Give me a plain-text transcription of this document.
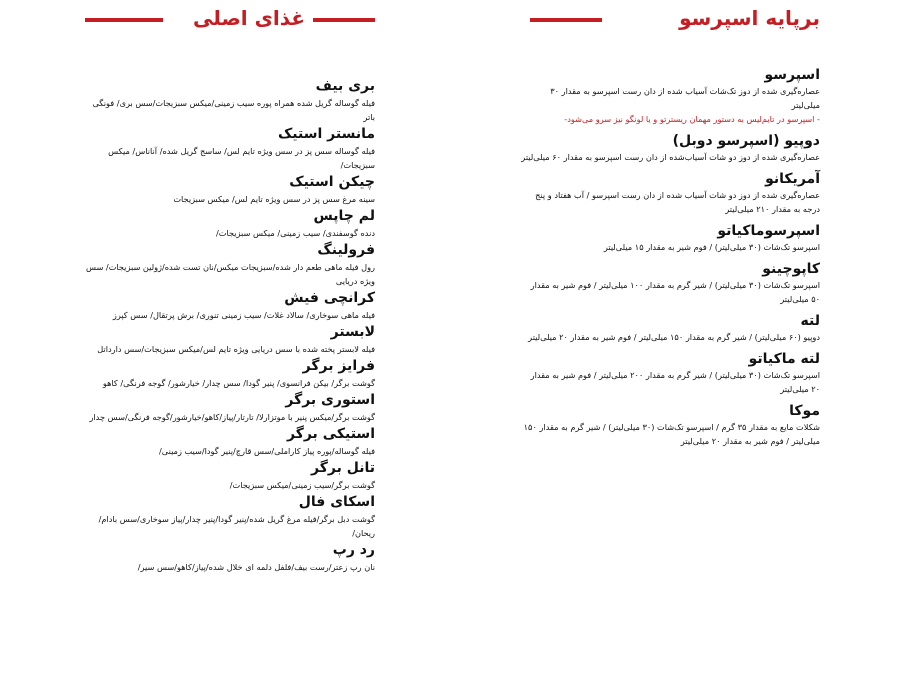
برپایه اسپرسو

اسپرسو

عصاره‌گیری شده از دوز تک‌شات آسیاب شده از دان رست اسپرسو به مقدار ۳۰ میلی‌لیتر

- اسپرسو در تایم‌لیس به دستور مهمان ریسترتو و یا لونگو نیز سرو می‌شود-

دوپیو (اسپرسو دوبل)

عصاره‌گیری شده از دوز دو شات آسیاب‌شده از دان رست اسپرسو به مقدار ۶۰ میلی‌لیتر

آمریکانو

عصاره‌گیری شده از دوز دو شات آسیاب شده از دان رست اسپرسو / آب هفتاد و پنج درجه به مقدار ۲۱۰ میلی‌لیتر

اسپرسوماکیاتو

اسپرسو تک‌شات (۳۰ میلی‌لیتر) / فوم شیر به مقدار ۱۵ میلی‌لیتر

کاپوچینو

اسپرسو تک‌شات (۳۰ میلی‌لیتر) / شیر گرم به مقدار ۱۰۰ میلی‌لیتر / فوم شیر به مقدار ۵۰ میلی‌لیتر

لته

دوپیو (۶۰ میلی‌لیتر) / شیر گرم به مقدار ۱۵۰ میلی‌لیتر / فوم شیر به مقدار ۲۰ میلی‌لیتر

لته ماکیاتو

اسپرسو تک‌شات (۳۰ میلی‌لیتر) / شیر گرم به مقدار ۲۰۰ میلی‌لیتر / فوم شیر به مقدار ۲۰ میلی‌لیتر

موکا

شکلات مایع به مقدار ۳۵ گرم / اسپرسو تک‌شات (۳۰ میلی‌لیتر) / شیر گرم به مقدار ۱۵۰ میلی‌لیتر / فوم شیر به مقدار ۲۰ میلی‌لیتر

غذای اصلی

بری بیف

فیله گوساله گریل شده همراه پوره سیب زمینی/میکس سبزیجات/سس بری/ فونگی باتر

مانستر استیک

فیله گوساله سس پز در سس ویژه تایم لس/ ساسج گریل شده/ آناناس/ میکس سبزیجات/

چیکن استیک

سینه مرغ سس پز در سس ویژه تایم لس/ میکس سبزیجات

لم چاپس

دنده گوسفندی/ سیب زمینی/ میکس سبزیجات/

فرولینگ

رول فیله ماهی طعم دار شده/سبزیجات میکس/نان تست شده/ژولین سبزیجات/ سس ویژه دریایی

کرانچی فیش

فیله ماهی سوخاری/ سالاد غلات/ سیب زمینی تنوری/ برش پرتقال/ سس کپرز

لابستر

فیله لابستر پخته شده با سس دریایی ویژه تایم لس/میکس سبزیجات/سس دارداتل

فرایز برگر

گوشت برگر/ بیکن فرانسوی/ پنیر گودا/ سس چدار/ خیارشور/ گوجه فرنگی/ کاهو

استوری برگر

گوشت برگر/میکس پنیر با موتزارلا/ تارتار/پیاز/کاهو/خیارشور/گوجه فرنگی/سس چدار

استیکی برگر

فیله گوساله/پوره پیاز کاراملی/سس قارچ/پنیر گودا/سیب زمینی/

تانل برگر

گوشت برگر/سیب زمینی/میکس سبزیجات/

اسکای فال

گوشت دبل برگر/فیله مرغ گریل شده/پنیر گودا/پنیر چدار/پیاز سوخاری/سس بادام/ریحان/

رد رپ

نان رپ زعتر/رست بیف/فلفل دلمه ای خلال شده/پیاز/کاهو/سس سیر/
